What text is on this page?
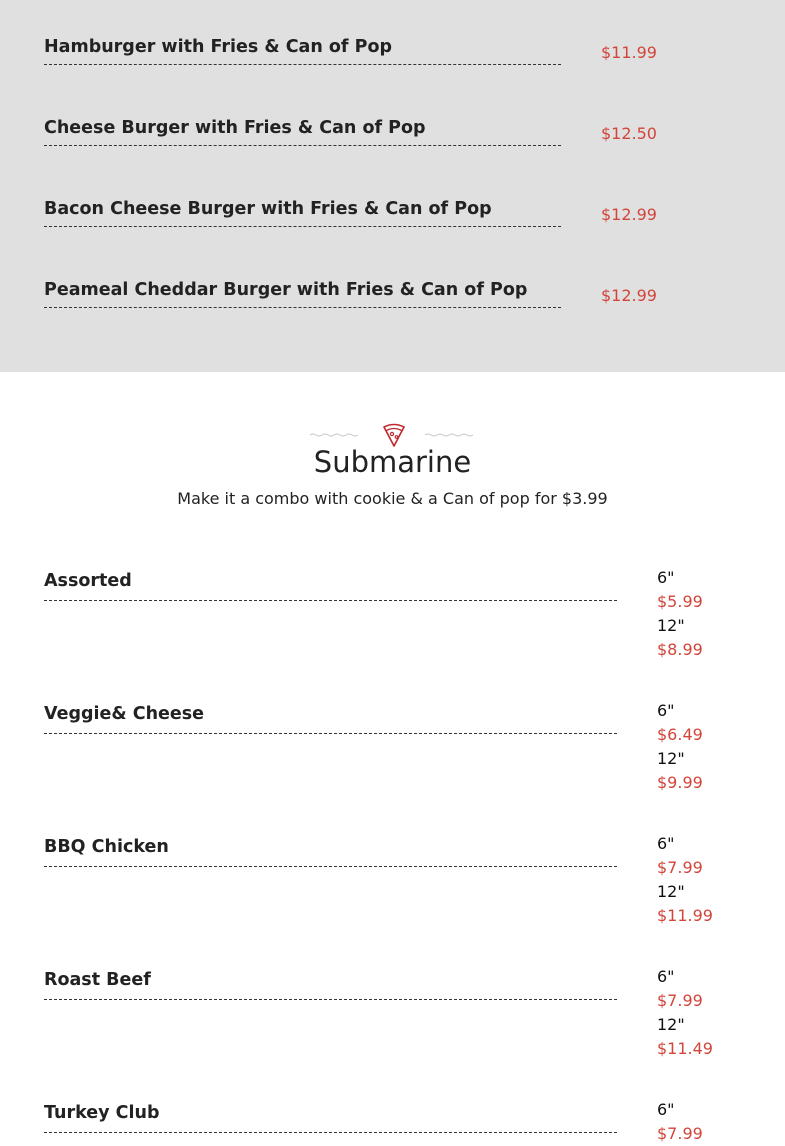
Hamburger with Fries & Can of Pop	$11.99
Cheese Burger with Fries & Can of Pop	$12.50
Bacon Cheese Burger with Fries & Can of Pop	$12.99
Peameal Cheddar Burger with Fries & Can of Pop	$12.99
Submarine
Make it a combo with cookie & a Can of pop for $3.99
Assorted	6"
$5.99
12"
$8.99
Veggie& Cheese	6"
$6.49
12"
$9.99
BBQ Chicken	6"
$7.99
12"
$11.99
Roast Beef	6"
$7.99
12"
$11.49
Turkey Club	6"
$7.99
